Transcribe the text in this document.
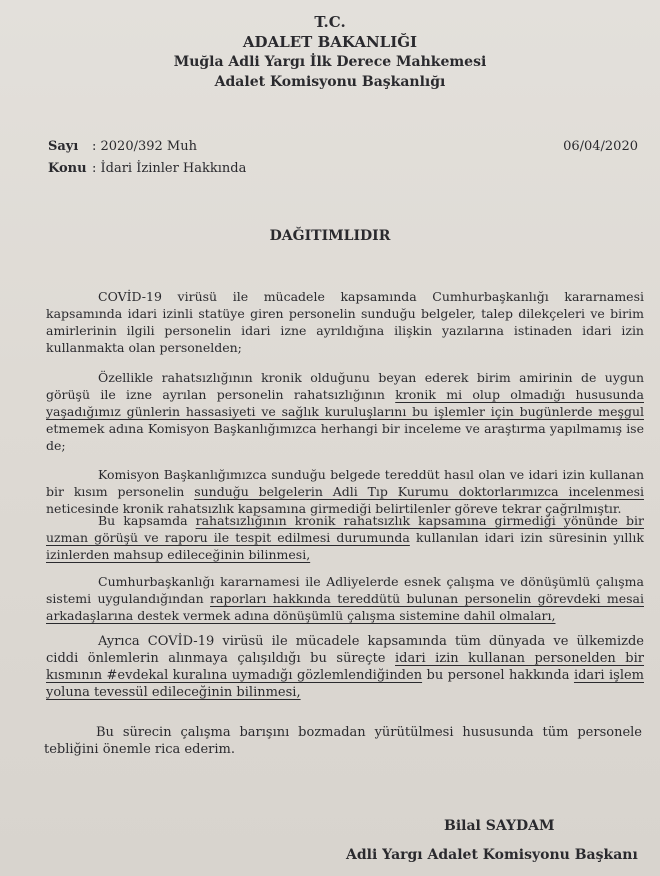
T.C.
ADALET BAKANLIĞI
Muğla Adli Yargı İlk Derece Mahkemesi
Adalet Komisyonu Başkanlığı
Sayı : 2020/392 Muh
Konu : İdari İzinler Hakkında
06/04/2020
DAĞITIMLIDIR

COVİD-19 virüsü ile mücadele kapsamında Cumhurbaşkanlığı kararnamesi kapsamında idari izinli statüye giren personelin sunduğu belgeler, talep dilekçeleri ve birim amirlerinin ilgili personelin idari izne ayrıldığına ilişkin yazılarına istinaden idari izin kullanmakta olan personelden;

Özellikle rahatsızlığının kronik olduğunu beyan ederek birim amirinin de uygun görüşü ile izne ayrılan personelin rahatsızlığının kronik mi olup olmadığı hususunda yaşadığımız günlerin hassasiyeti ve sağlık kuruluşlarını bu işlemler için bugünlerde meşgul etmemek adına Komisyon Başkanlığımızca herhangi bir inceleme ve araştırma yapılmamış ise de;

Komisyon Başkanlığımızca sunduğu belgede tereddüt hasıl olan ve idari izin kullanan bir kısım personelin sunduğu belgelerin Adli Tıp Kurumu doktorlarımızca incelenmesi neticesinde kronik rahatsızlık kapsamına girmediği belirtilenler göreve tekrar çağrılmıştır.

Bu kapsamda rahatsızlığının kronik rahatsızlık kapsamına girmediği yönünde bir uzman görüşü ve raporu ile tespit edilmesi durumunda kullanılan idari izin süresinin yıllık izinlerden mahsup edileceğinin bilinmesi,

Cumhurbaşkanlığı kararnamesi ile Adliyelerde esnek çalışma ve dönüşümlü çalışma sistemi uygulandığından raporları hakkında tereddütü bulunan personelin görevdeki mesai arkadaşlarına destek vermek adına dönüşümlü çalışma sistemine dahil olmaları,

Ayrıca COVİD-19 virüsü ile mücadele kapsamında tüm dünyada ve ülkemizde ciddi önlemlerin alınmaya çalışıldığı bu süreçte idari izin kullanan personelden bir kısmının #evdekal kuralına uymadığı gözlemlendiğinden bu personel hakkında idari işlem yoluna tevessül edileceğinin bilinmesi,

Bu sürecin çalışma barışını bozmadan yürütülmesi hususunda tüm personele tebliğini önemle rica ederim.

Bilal SAYDAM
Adli Yargı Adalet Komisyonu Başkanı
